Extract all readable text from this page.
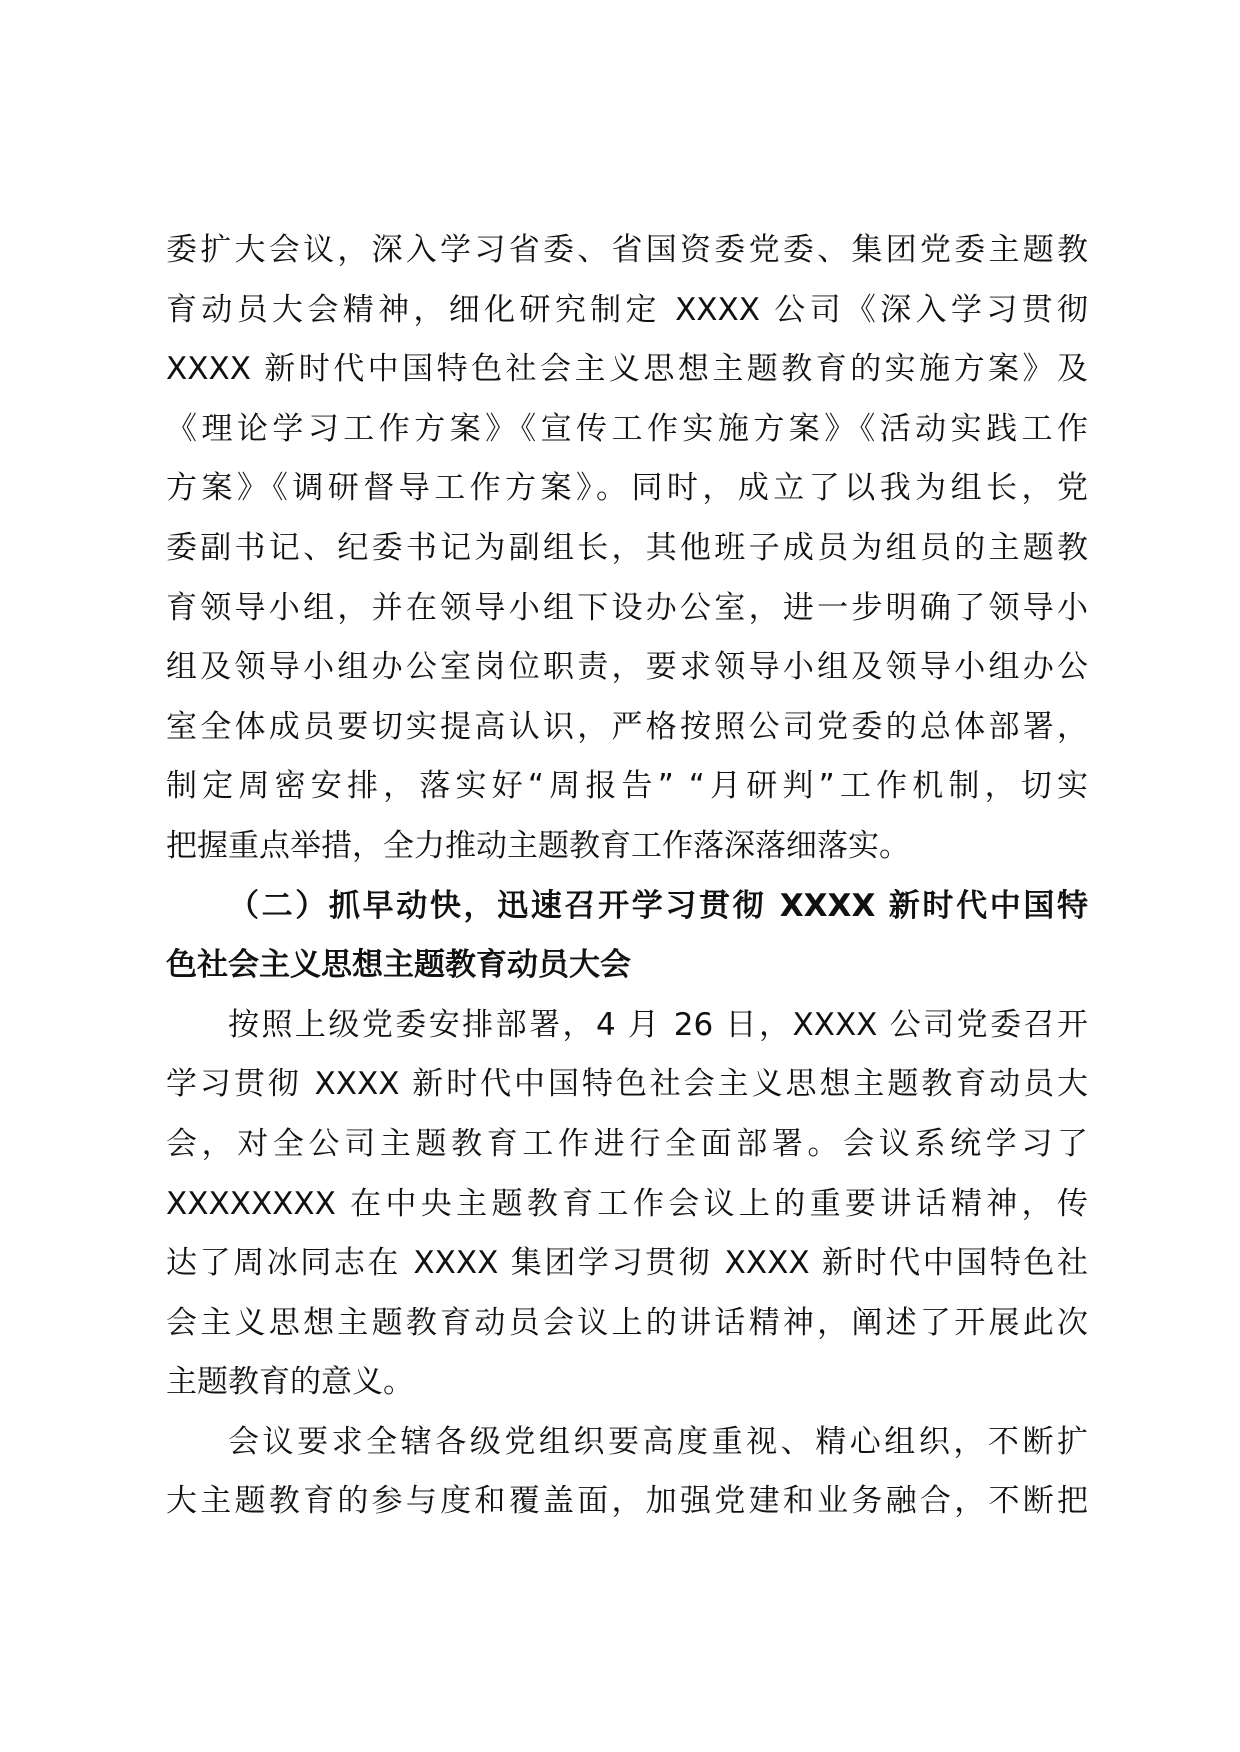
委扩大会议，深入学习省委、省国资委党委、集团党委主题教
育动员大会精神，细化研究制定 XXXX 公司《深入学习贯彻
XXXX 新时代中国特色社会主义思想主题教育的实施方案》及
《理论学习工作方案》《宣传工作实施方案》《活动实践工作
方案》《调研督导工作方案》。同时，成立了以我为组长，党
委副书记、纪委书记为副组长，其他班子成员为组员的主题教
育领导小组，并在领导小组下设办公室，进一步明确了领导小
组及领导小组办公室岗位职责，要求领导小组及领导小组办公
室全体成员要切实提高认识，严格按照公司党委的总体部署，
制定周密安排，落实好“周报告” “月研判”工作机制，切实
把握重点举措，全力推动主题教育工作落深落细落实。
（二）抓早动快，迅速召开学习贯彻 XXXX 新时代中国特
色社会主义思想主题教育动员大会
按照上级党委安排部署，4 月 26 日，XXXX 公司党委召开
学习贯彻 XXXX 新时代中国特色社会主义思想主题教育动员大
会，对全公司主题教育工作进行全面部署。会议系统学习了
XXXXXXXX 在中央主题教育工作会议上的重要讲话精神，传
达了周冰同志在 XXXX 集团学习贯彻 XXXX 新时代中国特色社
会主义思想主题教育动员会议上的讲话精神，阐述了开展此次
主题教育的意义。
会议要求全辖各级党组织要高度重视、精心组织，不断扩
大主题教育的参与度和覆盖面，加强党建和业务融合，不断把
